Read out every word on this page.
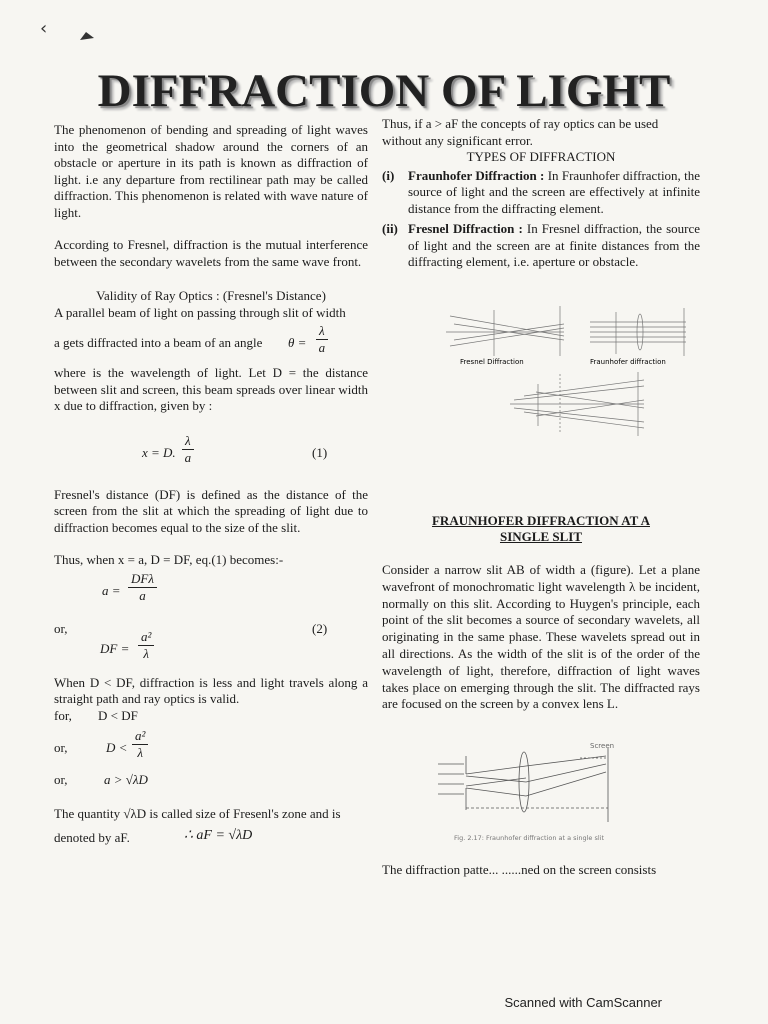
‹
DIFFRACTION OF LIGHT

The phenomenon of bending and spreading of light waves into the geometrical shadow around the corners of an obstacle or aperture in its path is known as diffraction of light. i.e any departure from rectilinear path may be called diffraction. This phenomenon is related with wave nature of light.

According to Fresnel, diffraction is the mutual interference between the secondary wavelets from the same wave front.

Validity of Ray Optics : (Fresnel's Distance)

A parallel beam of light on passing through slit of width

a gets diffracted into a beam of an angle $\theta = \frac{\lambda}{a}$

where is the wavelength of light. Let D = the distance between slit and screen, this beam spreads over linear width x due to diffraction, given by :

x = D. $\frac{\lambda}{a}$	(1)

Fresnel's distance (DF) is defined as the distance of the screen from the slit at which the spreading of light due to diffraction becomes equal to the size of the slit.

Thus, when x = a, D = DF, eq.(1) becomes:-

a =
DFλ
a
or,	(2)
DF = $\frac{\text{a²}}{\lambda}$

When D < DF, diffraction is less and light travels along a straight path and ray optics is valid.

for, D < DF
or,	$D < \frac{\text{a²}}{\lambda}$
or,	a > √λD

The quantity √λD is called size of Fresenl's zone and is

denoted by aF.	∴ aF = √λD

Thus, if a > aF the concepts of ray optics can be used without any significant error.

TYPES OF DIFFRACTION

(i) Fraunhofer Diffraction : In Fraunhofer diffraction, the source of light and the screen are effectively at infinite distance from the diffracting element.

(ii) Fresnel Diffraction : In Fresnel diffraction, the source of light and the screen are at finite distances from the diffracting element, i.e. aperture or obstacle.

Fresnel Diffraction	Fraunhofer diffraction
FRAUNHOFER DIFFRACTION AT A
SINGLE SLIT

Consider a narrow slit AB of width a (figure). Let a plane wavefront of monochromatic light wavelength λ be incident, normally on this slit. According to Huygen's principle, each point of the slit becomes a source of secondary wavelets, all originating in the same phase. These wavelets spread out in all directions. As the width of the slit is of the order of the wavelength of light, therefore, diffraction of light waves takes place on emerging through the slit. The diffracted rays are focused on the screen by a convex lens L.

Screen
Fig. 2.17: Fraunhofer diffraction at a single slit
The diffraction patte... ......ned on the screen consists
Scanned with CamScanner
